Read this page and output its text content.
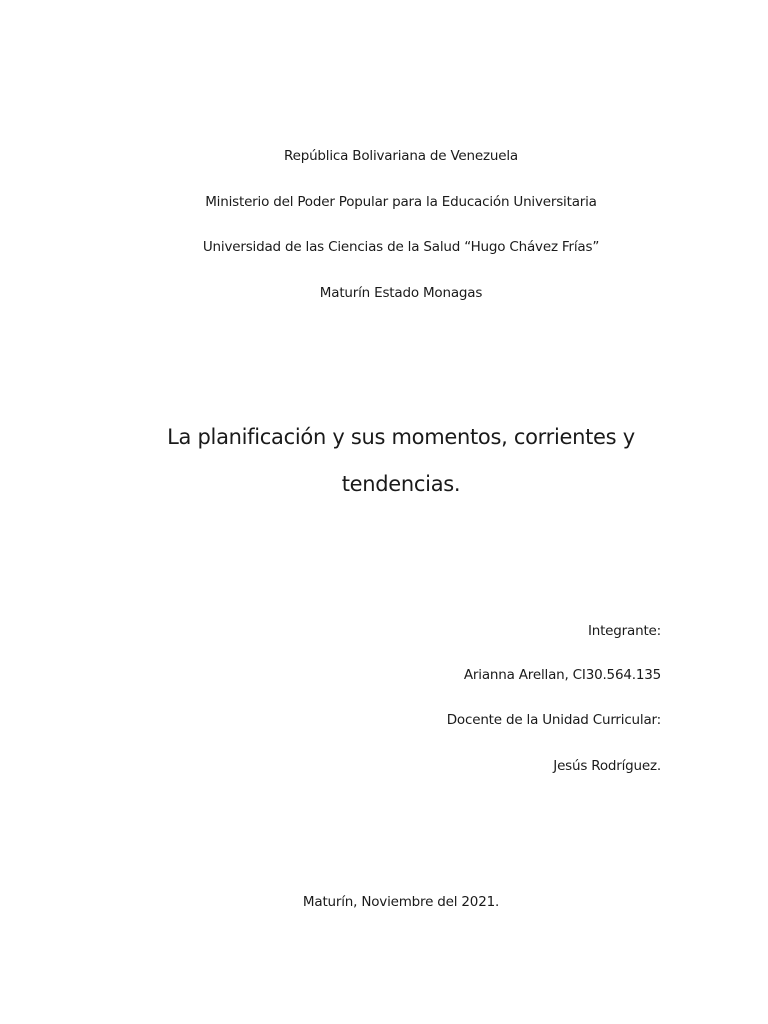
República Bolivariana de Venezuela
Ministerio del Poder Popular para la Educación Universitaria
Universidad de las Ciencias de la Salud “Hugo Chávez Frías”
Maturín Estado Monagas
La planificación y sus momentos, corrientes y
tendencias.
Integrante:
Arianna Arellan, CI30.564.135
Docente de la Unidad Curricular:
Jesús Rodríguez.
Maturín, Noviembre del 2021.
